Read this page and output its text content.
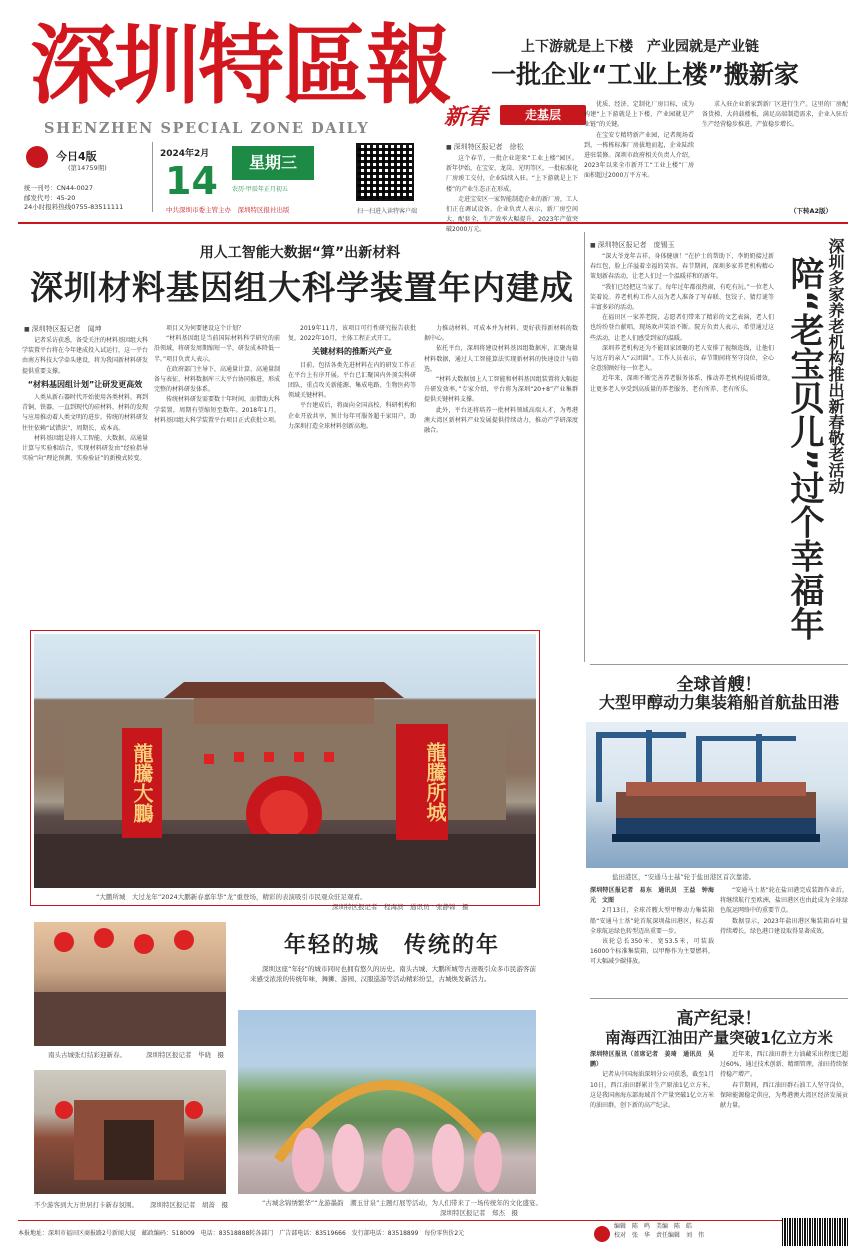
深圳特區報
SHENZHEN SPECIAL ZONE DAILY
今日4版
(第14759期)
统一刊号：CN44-0027
邮发代号：45-20
24小时报料热线0755-83511111
2024年2月
14	星期三
农历·甲辰年正月初五
中共深圳市委主管主办　深圳特区报社出版	扫一扫进入读特客户端
上下游就是上下楼　产业园就是产业链
一批企业“工业上楼”搬新家
新春	走基层
■ 深圳特区报记者　徐松

这个春节，一批企业迎来“工业上楼”园区。新年伊始，在宝安、龙岗、光明等区，一批标准化厂房竣工交付，企业陆续入驻。“上下游就是上下楼”的产业生态正在形成。

走进宝安区一家智能制造企业的新厂房，工人们正在调试设备。企业负责人表示，新厂房空间大、配套全，生产效率大幅提升，2023年产值突破2000万元。

优质、经济、定制化厂房目标，成为构建“上下游就是上下楼，产业园就是产业链”的关键。

在宝安专精特新产业园，记者现场看到，一栋栋标准厂房拔地而起，企业陆续进驻装修。深圳市政府相关负责人介绍，2023年以来全市新开工“工业上楼”厂房面积超过2000万平方米。

求入驻企业新家到新厂区进行生产。这里的厂房配备货梯、大荷载楼板，满足高端制造需求，企业入驻后生产经营稳步推进，产值稳步增长。

（下转A2版）
用人工智能大数据“算”出新材料
深圳材料基因组大科学装置年内建成
■ 深圳特区报记者　闻坤

记者采访获悉，备受关注的材料基因组大科学装置平台将在今年建成投入试运行，这一平台由南方科技大学牵头建设，将为我国新材料研发提供重要支撑。

“材料基因组计划”让研发更高效

人类从新石器时代开始使用各类材料，再到青铜、铁器，一直到现代的硅材料，材料的发现与应用推动着人类文明的进步。传统的材料研发往往依赖“试错法”，周期长、成本高。

材料基因组是将人工智能、大数据、高通量计算与实验相结合，实现材料研发由“经验指导实验”向“理论预测、实验验证”的新模式转变。

项目又为何要建设这个计划？

“材料基因组是当前国际材料科学研究的前沿领域，将研发周期缩短一半，研发成本降低一半。”项目负责人表示。

在政府部门主导下，高通量计算、高通量制备与表征、材料数据库三大平台协同推进，形成完整的材料研发体系。

传统材料研发需要数十年时间，而借助大科学装置，周期有望缩短至数年。2018年1月，材料基因组大科学装置平台项目正式获批立项。

2019年11月，该项目可行性研究报告获批复，2022年10月，主体工程正式开工。

关键材料的推断兴产业

目前，包括各类先进材料在内的研发工作正在平台上有序开展。平台已汇聚国内外顶尖科研团队，重点攻关新能源、集成电路、生物医药等领域关键材料。

平台建成后，将面向全国高校、科研机构和企业开放共享，预计每年可服务超千家用户，助力深圳打造全球材料创新高地。

力推动材料、可成本并为材料、更好获得新材料的数据中心。

依托平台，深圳将建设材料基因组数据库，汇聚海量材料数据，通过人工智能算法实现新材料的快速设计与筛选。

“材料大数据加上人工智能和材料基因组装置将大幅提升研发效率。”专家介绍，平台将为深圳“20+8”产业集群提供关键材料支撑。

此外，平台还将培养一批材料领域高端人才，为粤港澳大湾区新材料产业发展提供持续动力，推动产学研深度融合。

■ 深圳特区报记者　庞锡玉	深圳多家养老机构推出新春敬老活动
陪“老宝贝儿”过个幸福年

“深大爷龙年吉祥，身体健康！”在护士的帮助下，李奶奶接过新春红包，脸上洋溢着幸福的笑容。春节期间，深圳多家养老机构精心策划新春活动，让老人们过一个温暖祥和的新年。

“我们已经把这当家了。每年过年都很热闹，有吃有玩。”一位老人笑着说。养老机构工作人员为老人准备了写春联、包饺子、猜灯谜等丰富多彩的活动。

在福田区一家养老院，志愿者们带来了精彩的文艺表演，老人们也纷纷登台献唱，现场欢声笑语不断。院方负责人表示，希望通过这些活动，让老人们感受到家的温暖。

深圳养老机构还为不能回家团聚的老人安排了视频连线，让他们与远方的亲人“云团圆”。工作人员表示，春节期间将坚守岗位，全心全意照顾好每一位老人。

近年来，深圳不断完善养老服务体系，推动养老机构提质增效，让更多老人享受到高质量的养老服务，老有所养、老有所乐。

龍騰大鵬	龍騰所城
“大鹏所城　大过龙年”2024大鹏新春嘉年华“龙”重登场，精彩的表演吸引市民观众驻足观看。
深圳特区报记者　程海滨　通讯员　张静锦　摄
全球首艘！
大型甲醇动力集装箱船首航盐田港
盐田港区，“安通马士基”轮于盐田港区首次靠港。
深圳特区报记者　易东　通讯员　王益　钟海元　文图

2月13日，全球首艘大型甲醇动力集装箱船“安通马士基”轮首航深圳盐田港区，标志着全球航运绿色转型迈出重要一步。

该轮总长350米、宽53.5米，可装载16000个标准集装箱，以甲醇作为主要燃料，可大幅减少碳排放。

“安通马士基”轮在盐田港完成装卸作业后，将继续航行至欧洲，盐田港区也由此成为全球绿色航运网络中的重要节点。

数据显示，2023年盐田港区集装箱吞吐量持续增长，绿色港口建设取得显著成效。

南头古城张灯结彩迎新春。	深圳特区报记者　毕晓　摄
年轻的城　传统的年

深圳这座“年轻”的城市同时也拥有悠久的历史。南头古城、大鹏所城等古迹吸引众多市民游客前来感受浓浓的传统年味，舞狮、游园、汉服巡游等活动精彩纷呈，古城焕发新活力。

不少游客到大万世居打卡新春氛围。 深圳特区报记者　胡蔷　摄	“古城念锦绣繁华”“龙游墨韵　潮玉甘泉”主题灯展等活动，为人们带来了一场传统年的文化盛宴。
深圳特区报记者　郑杰　摄
高产纪录！
南海西江油田产量突破1亿立方米
深圳特区报讯（首席记者　姜琦　通讯员　吴鹏）

记者从中国海油深圳分公司获悉，截至1月10日，西江油田群累计生产原油1亿立方米，这是我国南海东部海域首个产量突破1亿立方米的油田群，创下新的高产纪录。

近年来，西江油田群主力油藏采出程度已超过60%，通过技术创新、精细管理，油田持续保持稳产增产。

春节期间，西江油田群石油工人坚守岗位，保障能源稳定供应，为粤港澳大湾区经济发展贡献力量。

本报地址：深圳市福田区商报路2号新闻大厦　邮政编码：518009　电话：83518888转各部门　广告部电话：83519666　发行部电话：83518899　每份零售价2元
编辑　陈　鸣　美编　陈　皓
校对　张　华　责任编辑　刘　伟
